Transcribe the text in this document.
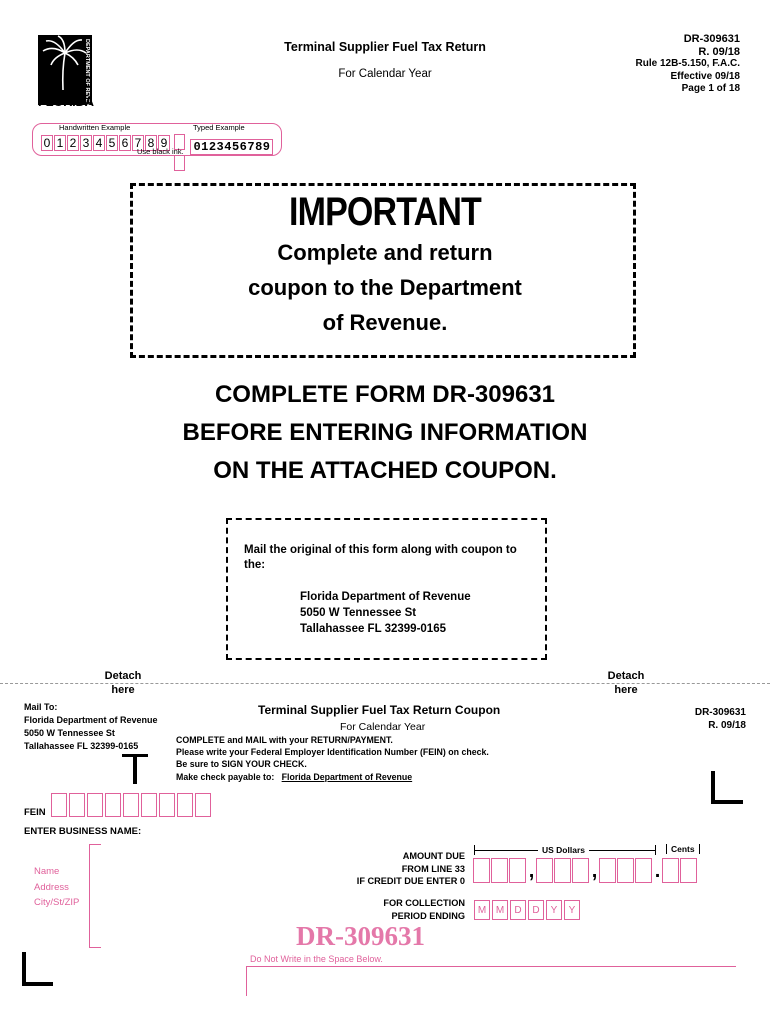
DEPARTMENT OF REVENUE
FLORIDA
Terminal Supplier Fuel Tax Return
For Calendar Year
DR-309631
R. 09/18
Rule 12B-5.150, F.A.C.
Effective 09/18
Page 1 of 18
Handwritten Example	Typed Example
0 1 2 3 4 5 6 7 8 9	0123456789
Use black ink.
IMPORTANT
Complete and return
coupon to the Department
of Revenue.
COMPLETE FORM DR-309631
BEFORE ENTERING INFORMATION
ON THE ATTACHED COUPON.
Mail the original of this form along with coupon to the:
Florida Department of Revenue
5050 W Tennessee St
Tallahassee FL 32399-0165
Detach
here
Detach
here
Mail To:
Florida Department of Revenue
5050 W Tennessee St
Tallahassee FL 32399-0165
Terminal Supplier Fuel Tax Return Coupon
For Calendar Year
DR-309631
R. 09/18
COMPLETE and MAIL with your RETURN/PAYMENT.
Please write your Federal Employer Identification Number (FEIN) on check.
Be sure to SIGN YOUR CHECK.
Make check payable to: Florida Department of Revenue
FEIN
ENTER BUSINESS NAME:
Name
Address
City/St/ZIP
AMOUNT DUE
FROM LINE 33
IF CREDIT DUE ENTER 0
US Dollars	Cents
,	,	.
FOR COLLECTION
PERIOD ENDING	M M D D Y Y
DR-309631
Do Not Write in the Space Below.
